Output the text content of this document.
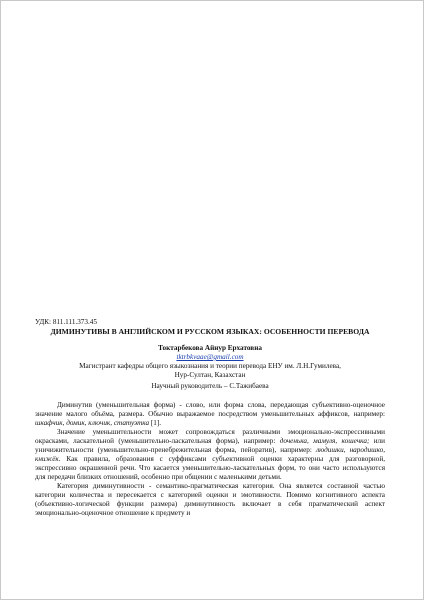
УДК: 811.111.373.45

ДИМИНУТИВЫ В АНГЛИЙСКОМ И РУССКОМ ЯЗЫКАХ: ОСОБЕННОСТИ ПЕРЕВОДА

Токтарбекова Айнур Ерхатовна

tktrbkvaae@gmail.com

Магистрант кафедры общего языкознания и теории перевода ЕНУ им. Л.Н.Гумилева,

Нур-Султан, Казахстан

Научный руководитель – С.Тажибаева

Диминутив (уменьшительная форма) - слово, или форма слова, передающая субъективно-оценочное значение малого объёма, размера. Обычно выражаемое посредством уменьшительных аффиксов, например: шкафчик, домик, ключик, статуэтка [1].

Значение уменьшительности может сопровождаться различными эмоционально-экспрессивными окрасками, ласкательной (уменьшительно-ласкательная форма), например: доченька, мамуля, кошечка; или уничижительности (уменьшительно-пренебрежительная форма, пейоратив), например: людишки, народишко, книжёк. Как правила, образования с суффиксами субъективной оценки характерны для разговорной, экспрессивно окрашенной речи. Что касается уменьшительно-ласкательных форм, то они часто используются для передачи близких отношений, особенно при общении с маленькими детьми.

Категория диминутивности - семантико-прагматическая категория. Она является составной частью категории количества и пересекается с категорией оценки и эмотивности. Помимо когнитивного аспекта (объективно-логической функции размера) диминутивность включает в себя прагматический аспект эмоционально-оценочное отношение к предмету и
